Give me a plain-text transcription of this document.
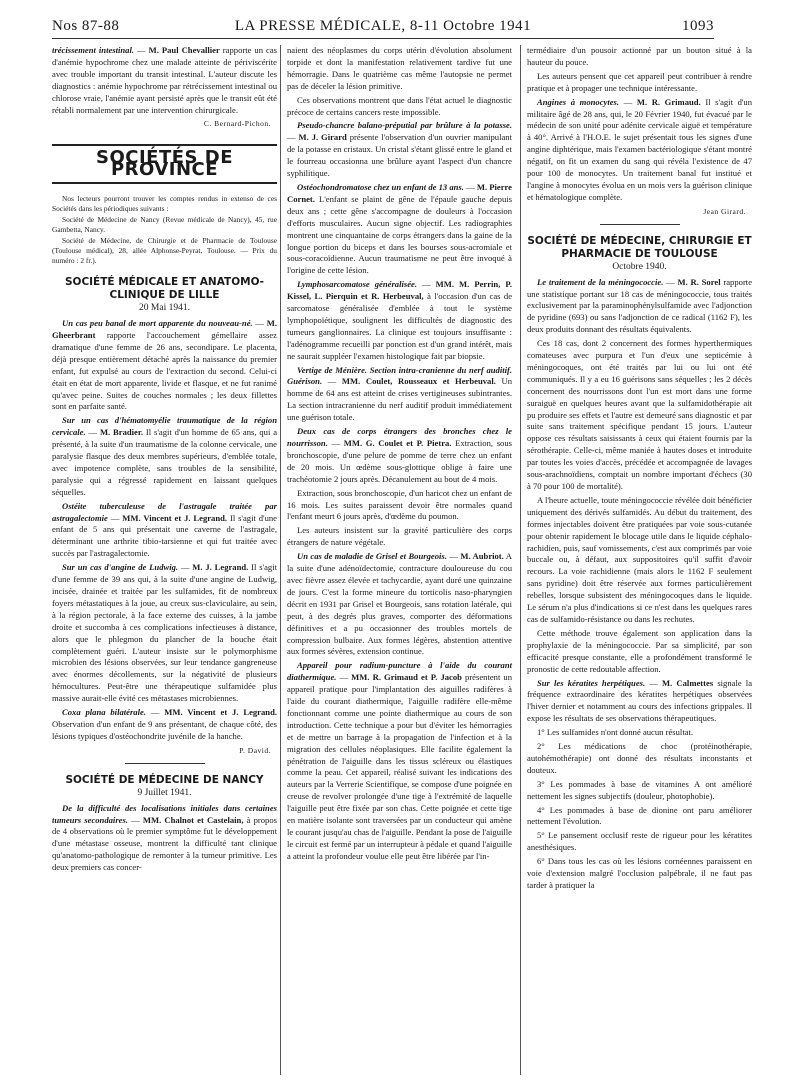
Nos 87-88	LA PRESSE MÉDICALE, 8-11 Octobre 1941	1093

trécissement intestinal. — M. Paul Chevallier rapporte un cas d'anémie hypochrome chez une malade atteinte de périviscérite avec trouble important du transit intestinal. L'auteur discute les diagnostics : anémie hypochrome par rétrécissement intestinal ou chlorose vraie, l'anémie ayant persisté après que le transit eût été rétabli normalement par une intervention chirurgicale.

C. Bernard-Pichon.
SOCIÉTÉS DE PROVINCE

Nos lecteurs pourront trouver les comptes rendus in extenso de ces Sociétés dans les périodiques suivants :

Société de Médecine de Nancy (Revue médicale de Nancy), 45, rue Gambetta, Nancy.

Société de Médecine, de Chirurgie et de Pharmacie de Toulouse (Toulouse médical), 28, allée Alphonse-Peyrat, Toulouse. — Prix du numéro : 2 fr.).

SOCIÉTÉ MÉDICALE ET ANATOMO-CLINIQUE DE LILLE
20 Mai 1941.

Un cas peu banal de mort apparente du nouveau-né. — M. Gheerbrant rapporte l'accouchement gémellaire assez dramatique d'une femme de 26 ans, secondipare. Le placenta, déjà presque entièrement détaché après la naissance du premier enfant, fut expulsé au cours de l'extraction du second. Celui-ci était en état de mort apparente, livide et flasque, et ne fut ranimé qu'avec peine. Suites de couches normales ; les deux fillettes sont en parfaite santé.

Sur un cas d'hématomyélie traumatique de la région cervicale. — M. Bradier. Il s'agit d'un homme de 65 ans, qui a présenté, à la suite d'un traumatisme de la colonne cervicale, une paralysie flasque des deux membres supérieurs, d'emblée totale, avec impotence complète, sans troubles de la sensibilité, paralysie qui a régressé rapidement en laissant quelques séquelles.

Ostéite tuberculeuse de l'astragale traitée par astragalectomie — MM. Vincent et J. Legrand. Il s'agit d'une enfant de 5 ans qui présentait une caverne de l'astragale, déterminant une arthrite tibio-tarsienne et qui fut traitée avec succès par l'astragalectomie.

Sur un cas d'angine de Ludwig. — M. J. Legrand. Il s'agit d'une femme de 39 ans qui, à la suite d'une angine de Ludwig, incisée, drainée et traitée par les sulfamides, fit de nombreux foyers métastatiques à la joue, au creux sus-claviculaire, au sein, à la région pectorale, à la face externe des cuisses, à la jambe droite et succomba à ces complications infectieuses à distance, alors que le phlegmon du plancher de la bouche était complètement guéri. L'auteur insiste sur le polymorphisme microbien des lésions observées, sur leur tendance gangreneuse avec énormes décollements, sur la négativité de plusieurs hémocultures. Peut-être une thérapeutique sulfamidée plus massive aurait-elle évité ces métastases microbiennes.

Coxa plana bilatérale. — MM. Vincent et J. Legrand. Observation d'un enfant de 9 ans présentant, de chaque côté, des lésions typiques d'ostéochondrite juvénile de la hanche.

P. David.
SOCIÉTÉ DE MÉDECINE DE NANCY
9 Juillet 1941.

De la difficulté des localisations initiales dans certaines tumeurs secondaires. — MM. Chalnot et Castelain, à propos de 4 observations où le premier symptôme fut le développement d'une métastase osseuse, montrent la difficulté tant clinique qu'anatomo-pathologique de remonter à la tumeur primitive. Les deux premiers cas concer-

naient des néoplasmes du corps utérin d'évolution absolument torpide et dont la manifestation relativement tardive fut une hémorragie. Dans le quatrième cas même l'autopsie ne permet pas de déceler la lésion primitive.

Ces observations montrent que dans l'état actuel le diagnostic précoce de certains cancers reste impossible.

Pseudo-chancre balano-préputial par brûlure à la potasse. — M. J. Girard présente l'observation d'un ouvrier manipulant de la potasse en cristaux. Un cristal s'étant glissé entre le gland et le fourreau occasionna une brûlure ayant l'aspect d'un chancre syphilitique.

Ostéochondromatose chez un enfant de 13 ans. — M. Pierre Cornet. L'enfant se plaint de gêne de l'épaule gauche depuis deux ans ; cette gêne s'accompagne de douleurs à l'occasion d'efforts musculaires. Aucun signe objectif. Les radiographies montrent une cinquantaine de corps étrangers dans la gaine de la longue portion du biceps et dans les bourses sous-acromiale et sous-coracoïdienne. Aucun traumatisme ne peut être invoqué à l'origine de cette lésion.

Lymphosarcomatose généralisée. — MM. M. Perrin, P. Kissel, L. Pierquin et R. Herbeuval, à l'occasion d'un cas de sarcomatose généralisée d'emblée à tout le système lymphopoïétique, soulignent les difficultés de diagnostic des tumeurs ganglionnaires. La clinique est toujours insuffisante : l'adénogramme recueilli par ponction est d'un grand intérêt, mais ne saurait suppléer l'examen histologique fait par biopsie.

Vertige de Ménière. Section intra-cranienne du nerf auditif. Guérison. — MM. Coulet, Rousseaux et Herbeuval. Un homme de 64 ans est atteint de crises vertigineuses subintrantes. La section intracranienne du nerf auditif produit immédiatement une guérison totale.

Deux cas de corps étrangers des bronches chez le nourrisson. — MM. G. Coulet et P. Pietra. Extraction, sous bronchoscopie, d'une pelure de pomme de terre chez un enfant de 20 mois. Un œdème sous-glottique oblige à faire une trachéotomie 2 jours après. Décanulement au bout de 4 mois.

Extraction, sous bronchoscopie, d'un haricot chez un enfant de 16 mois. Les suites paraissent devoir être normales quand l'enfant meurt 6 jours après, d'œdème du poumon.

Les auteurs insistent sur la gravité particulière des corps étrangers de nature végétale.

Un cas de maladie de Grisel et Bourgeois. — M. Aubriot. A la suite d'une adénoïdectomie, contracture douloureuse du cou avec fièvre assez élevée et tachycardie, ayant duré une quinzaine de jours. C'est la forme mineure du torticolis naso-pharyngien décrit en 1931 par Grisel et Bourgeois, sans rotation latérale, qui peut, à des degrés plus graves, comporter des déformations définitives et a pu occasionner des troubles mortels de compression bulbaire. Aux formes légères, abstention attentive aux formes sévères, extension continue.

Appareil pour radium-puncture à l'aide du courant diathermique. — MM. R. Grimaud et P. Jacob présentent un appareil pratique pour l'implantation des aiguilles radifères à l'aide du courant diathermique, l'aiguille radifère elle-même fonctionnant comme une pointe diathermique au cours de son introduction. Cette technique a pour but d'éviter les hémorragies et de mettre un barrage à la propagation de l'infection et à la migration des cellules néoplasiques. Elle facilite également la pénétration de l'aiguille dans les tissus scléreux ou élastiques comme la peau. Cet appareil, réalisé suivant les indications des auteurs par la Verrerie Scientifique, se compose d'une poignée en creuse de revolver prolongée d'une tige à l'extrémité de laquelle l'aiguille peut être fixée par son chas. Cette poignée et cette tige en matière isolante sont traversées par un conducteur qui amène le courant jusqu'au chas de l'aiguille. Pendant la pose de l'aiguille le circuit est fermé par un interrupteur à pédale et quand l'aiguille a atteint la profondeur voulue elle peut être libérée par l'in-

termédiaire d'un pousoir actionné par un bouton situé à la hauteur du pouce.

Les auteurs pensent que cet appareil peut contribuer à rendre pratique et à propager une technique intéressante.

Angines à monocytes. — M. R. Grimaud. Il s'agit d'un militaire âgé de 28 ans, qui, le 20 Février 1940, fut évacué par le médecin de son unité pour adénite cervicale aiguë et température à 40°. Arrivé à l'H.O.E. le sujet présentait tous les signes d'une angine diphtérique, mais l'examen bactériologique s'étant montré négatif, on fit un examen du sang qui révéla l'existence de 47 pour 100 de monocytes. Un traitement banal fut institué et l'angine à monocytes évolua en un mois vers la guérison clinique et hématologique complète.

Jean Girard.
SOCIÉTÉ DE MÉDECINE, CHIRURGIE ET PHARMACIE DE TOULOUSE
Octobre 1940.

Le traitement de la méningococcie. — M. R. Sorel rapporte une statistique portant sur 18 cas de méningococcie, tous traités exclusivement par la paraminophénylsulfamide avec l'adjonction de pyridine (693) ou sans l'adjonction de ce radical (1162 F), les deux produits donnant des résultats équivalents.

Ces 18 cas, dont 2 concernent des formes hyperthermiques comateuses avec purpura et l'un d'eux une septicémie à méningocoques, ont été traités par lui ou lui ont été communiqués. Il y a eu 16 guérisons sans séquelles ; les 2 décès concernent des nourrissons dont l'un est mort dans une forme suraiguë en quelques heures avant que la sulfamidothérapie ait pu produire ses effets et l'autre est demeuré sans diagnostic et par suite sans traitement spécifique pendant 15 jours. L'auteur oppose ces résultats saisissants à ceux qui étaient fournis par la sérothérapie. Celle-ci, même maniée à hautes doses et introduite par toutes les voies d'accès, précédée et accompagnée de lavages sous-arachnoïdiens, comptait un nombre important d'échecs (30 à 70 pour 100 de mortalité).

A l'heure actuelle, toute méningococcie révélée doit bénéficier uniquement des dérivés sulfamidés. Au début du traitement, des formes injectables doivent être pratiquées par voie sous-cutanée pour obtenir rapidement le blocage utile dans le liquide céphalo-rachidien, puis, sauf vomissements, c'est aux comprimés par voie buccale ou, à défaut, aux suppositoires qu'il suffit d'avoir recours. La voie rachidienne (mais alors le 1162 F seulement sans pyridine) doit être réservée aux formes particulièrement rebelles, lorsque subsistent des méningocoques dans le liquide. Le sérum n'a plus d'indications si ce n'est dans les quelques rares cas de sulfamido-résistance ou dans les rechutes.

Cette méthode trouve également son application dans la prophylaxie de la méningococcie. Par sa simplicité, par son efficacité presque constante, elle a profondément transformé le pronostic de cette redoutable affection.

Sur les kératites herpétiques. — M. Calmettes signale la fréquence extraordinaire des kératites herpétiques observées l'hiver dernier et notamment au cours des infections grippales. Il expose les résultats de ses observations thérapeutiques.

1° Les sulfamides n'ont donné aucun résultat.

2° Les médications de choc (protéinothérapie, autohémothérapie) ont donné des résultats inconstants et douteux.

3° Les pommades à base de vitamines A ont amélioré nettement les signes subjectifs (douleur, photophobie).

4° Les pommades à base de dionine ont paru améliorer nettement l'évolution.

5° Le pansement occlusif reste de rigueur pour les kératites anesthésiques.

6° Dans tous les cas où les lésions cornéennes paraissent en voie d'extension malgré l'occlusion palpébrale, il ne faut pas tarder à pratiquer la
